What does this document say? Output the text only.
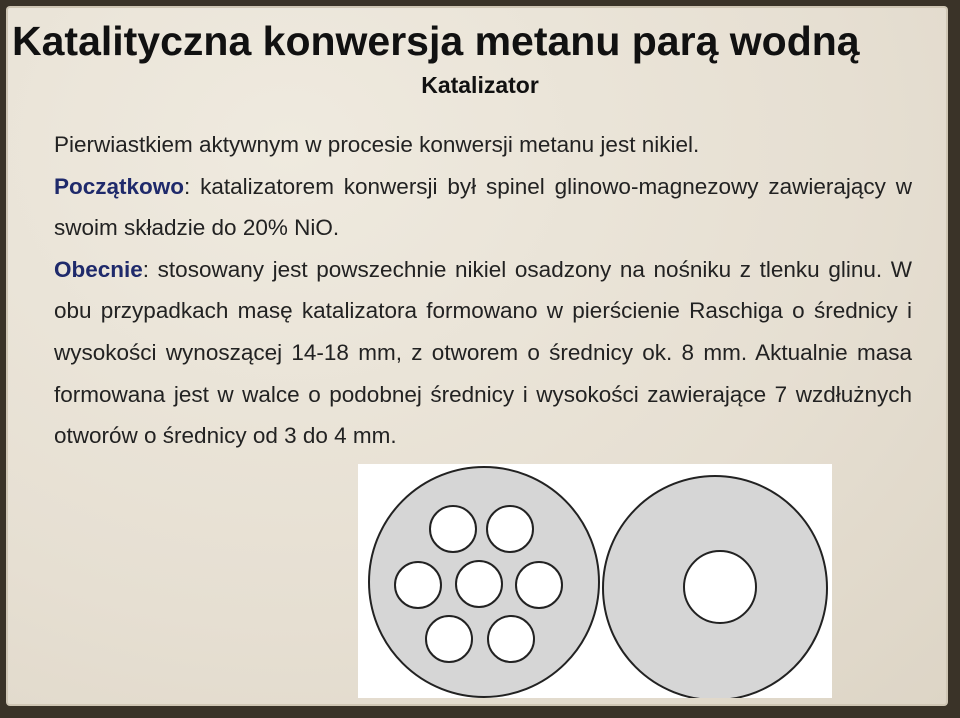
Katalityczna konwersja metanu parą wodną
Katalizator
Pierwiastkiem aktywnym w procesie konwersji metanu jest nikiel.
Początkowo: katalizatorem konwersji był spinel glinowo-magnezowy zawierający w swoim składzie do 20% NiO.
Obecnie: stosowany jest powszechnie nikiel osadzony na nośniku z tlenku glinu. W obu przypadkach masę katalizatora formowano w pierścienie Raschiga o średnicy i wysokości wynoszącej 14-18 mm, z otworem o średnicy ok. 8 mm. Aktualnie masa formowana jest w walce o podobnej średnicy i wysokości zawierające 7 wzdłużnych otworów o średnicy od 3 do 4 mm.
